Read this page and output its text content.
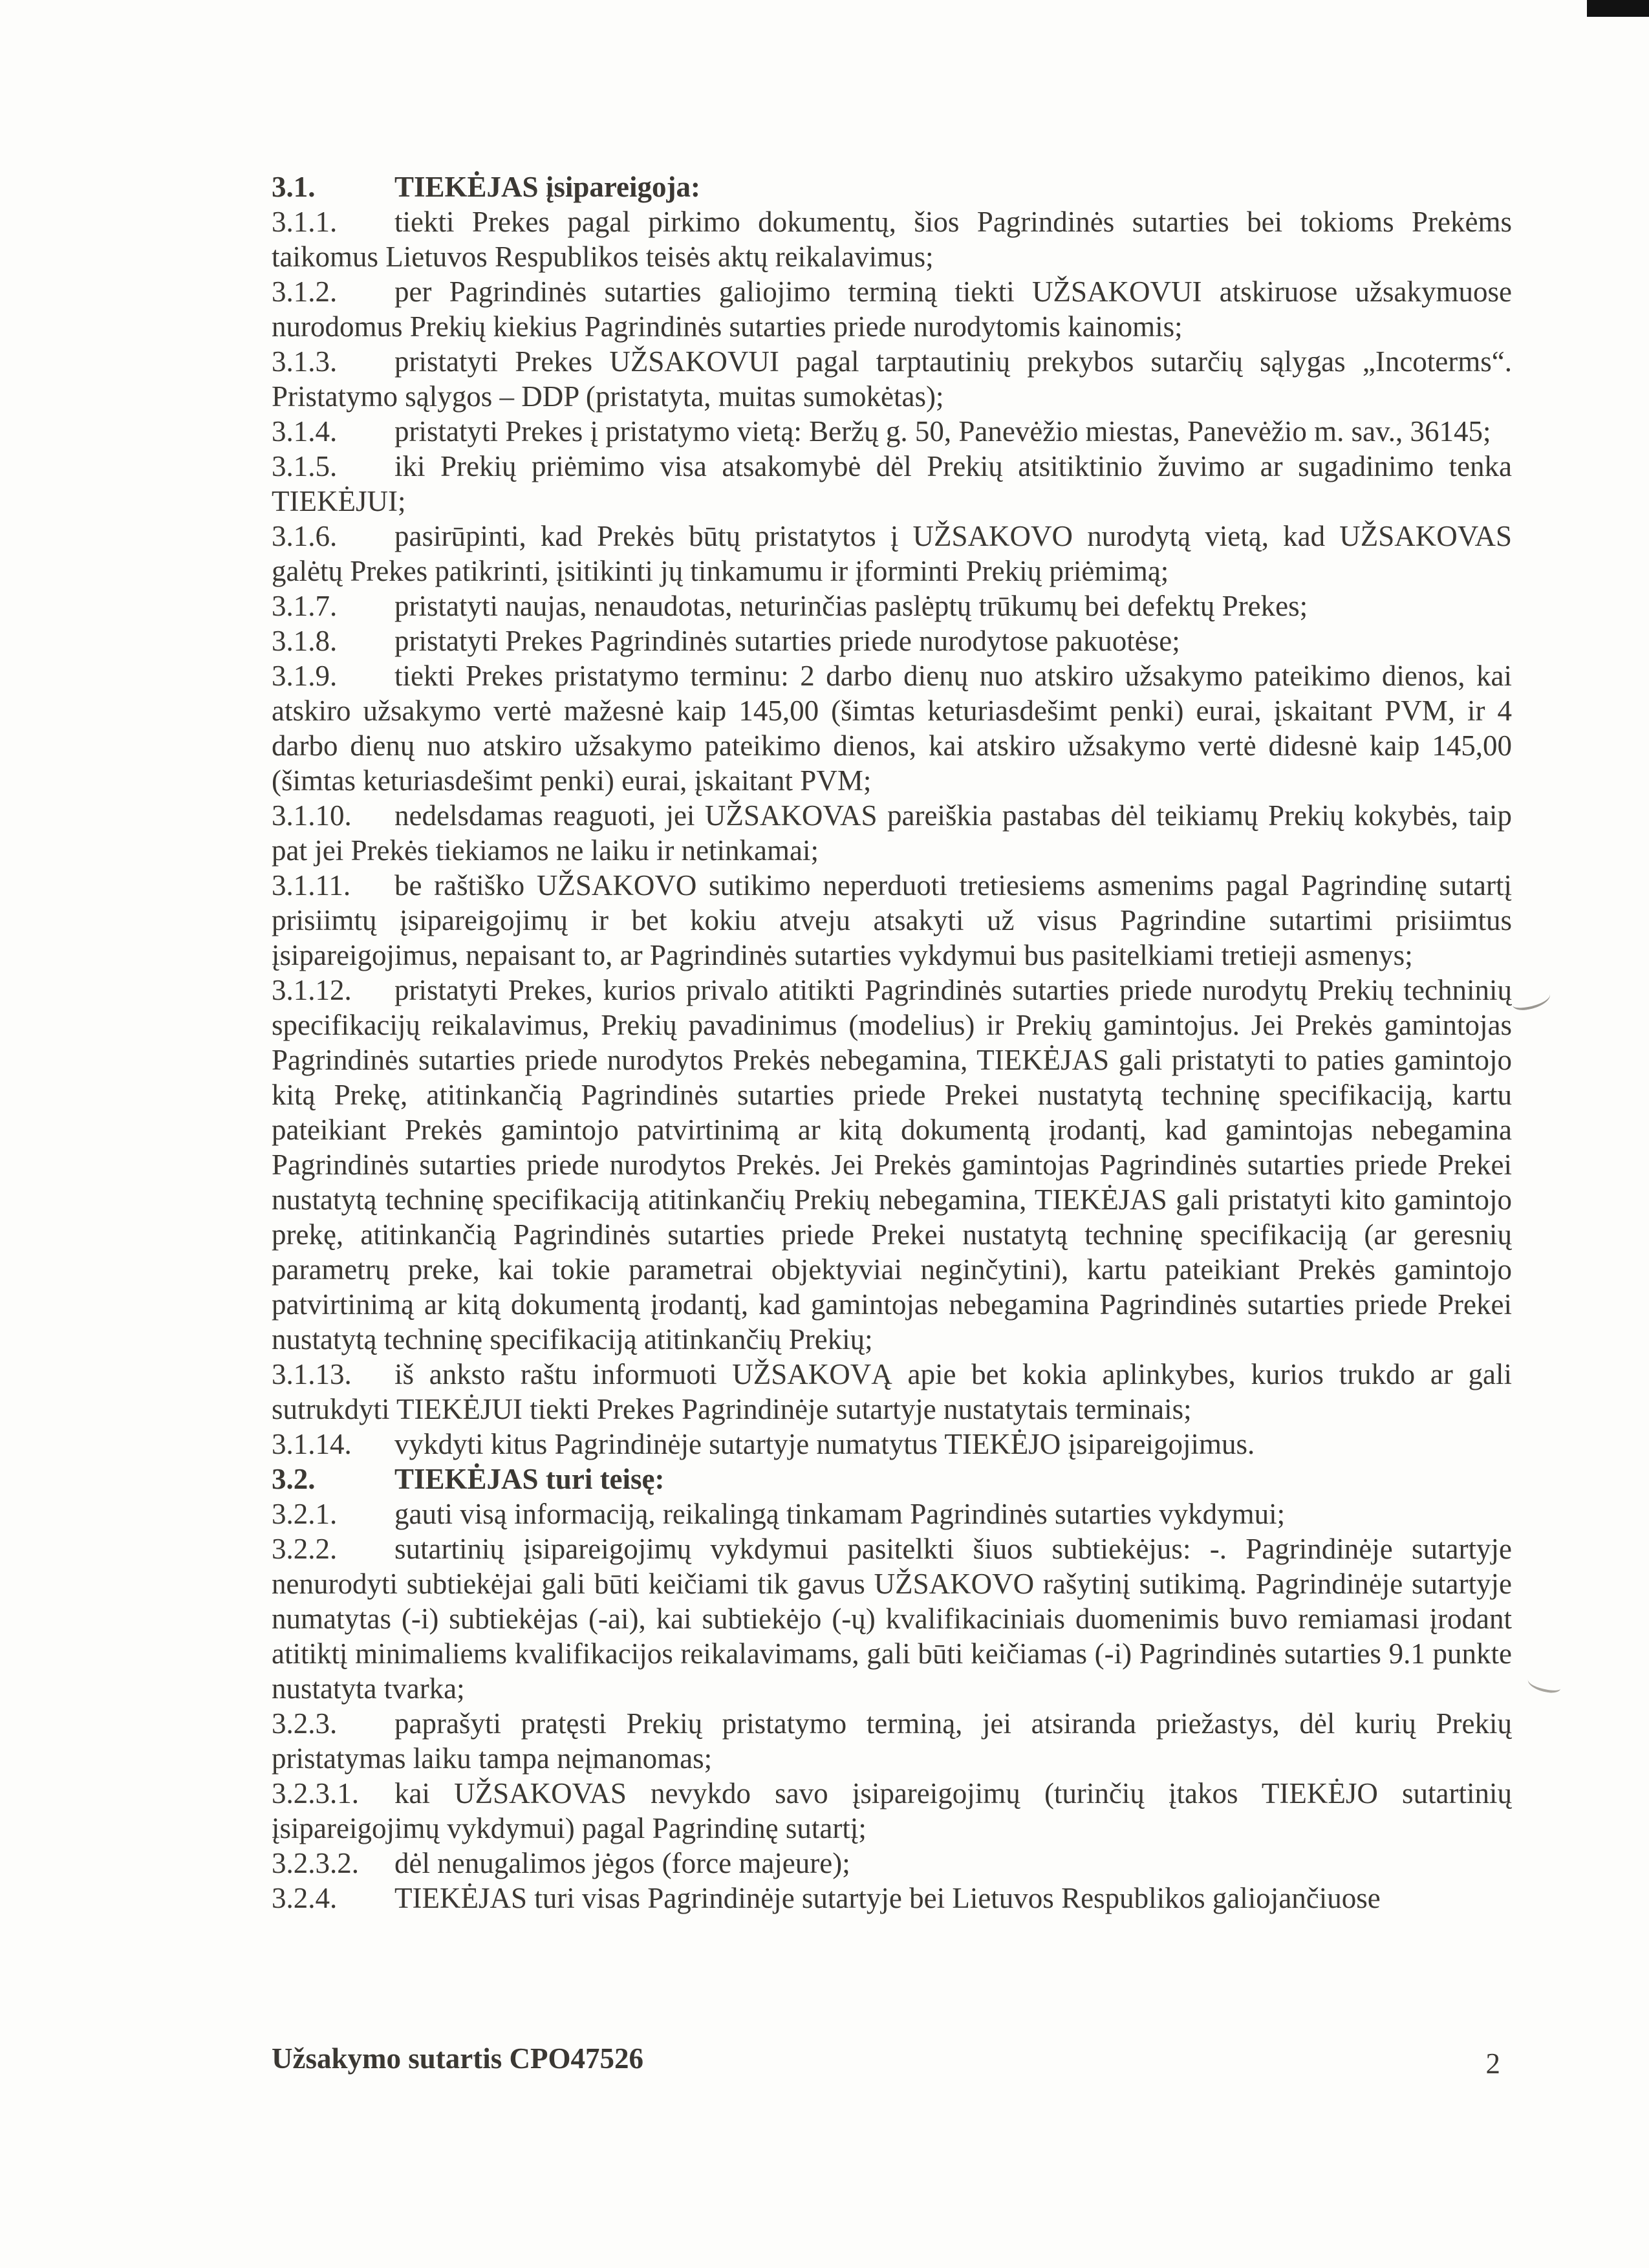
3.1.	TIEKĖJAS įsipareigoja:

3.1.1. tiekti Prekes pagal pirkimo dokumentų, šios Pagrindinės sutarties bei tokioms Prekėms taikomus Lietuvos Respublikos teisės aktų reikalavimus;

3.1.2. per Pagrindinės sutarties galiojimo terminą tiekti UŽSAKOVUI atskiruose užsakymuose nurodomus Prekių kiekius Pagrindinės sutarties priede nurodytomis kainomis;

3.1.3. pristatyti Prekes UŽSAKOVUI pagal tarptautinių prekybos sutarčių sąlygas „Incoterms“. Pristatymo sąlygos – DDP (pristatyta, muitas sumokėtas);

3.1.4. pristatyti Prekes į pristatymo vietą: Beržų g. 50, Panevėžio miestas, Panevėžio m. sav., 36145;

3.1.5. iki Prekių priėmimo visa atsakomybė dėl Prekių atsitiktinio žuvimo ar sugadinimo tenka TIEKĖJUI;

3.1.6. pasirūpinti, kad Prekės būtų pristatytos į UŽSAKOVO nurodytą vietą, kad UŽSAKOVAS galėtų Prekes patikrinti, įsitikinti jų tinkamumu ir įforminti Prekių priėmimą;

3.1.7. pristatyti naujas, nenaudotas, neturinčias paslėptų trūkumų bei defektų Prekes;

3.1.8. pristatyti Prekes Pagrindinės sutarties priede nurodytose pakuotėse;

3.1.9. tiekti Prekes pristatymo terminu: 2 darbo dienų nuo atskiro užsakymo pateikimo dienos, kai atskiro užsakymo vertė mažesnė kaip 145,00 (šimtas keturiasdešimt penki) eurai, įskaitant PVM, ir 4 darbo dienų nuo atskiro užsakymo pateikimo dienos, kai atskiro užsakymo vertė didesnė kaip 145,00 (šimtas keturiasdešimt penki) eurai, įskaitant PVM;

3.1.10. nedelsdamas reaguoti, jei UŽSAKOVAS pareiškia pastabas dėl teikiamų Prekių kokybės, taip pat jei Prekės tiekiamos ne laiku ir netinkamai;

3.1.11. be raštiško UŽSAKOVO sutikimo neperduoti tretiesiems asmenims pagal Pagrindinę sutartį prisiimtų įsipareigojimų ir bet kokiu atveju atsakyti už visus Pagrindine sutartimi prisiimtus įsipareigojimus, nepaisant to, ar Pagrindinės sutarties vykdymui bus pasitelkiami tretieji asmenys;

3.1.12. pristatyti Prekes, kurios privalo atitikti Pagrindinės sutarties priede nurodytų Prekių techninių specifikacijų reikalavimus, Prekių pavadinimus (modelius) ir Prekių gamintojus. Jei Prekės gamintojas Pagrindinės sutarties priede nurodytos Prekės nebegamina, TIEKĖJAS gali pristatyti to paties gamintojo kitą Prekę, atitinkančią Pagrindinės sutarties priede Prekei nustatytą techninę specifikaciją, kartu pateikiant Prekės gamintojo patvirtinimą ar kitą dokumentą įrodantį, kad gamintojas nebegamina Pagrindinės sutarties priede nurodytos Prekės. Jei Prekės gamintojas Pagrindinės sutarties priede Prekei nustatytą techninę specifikaciją atitinkančių Prekių nebegamina, TIEKĖJAS gali pristatyti kito gamintojo prekę, atitinkančią Pagrindinės sutarties priede Prekei nustatytą techninę specifikaciją (ar geresnių parametrų preke, kai tokie parametrai objektyviai neginčytini), kartu pateikiant Prekės gamintojo patvirtinimą ar kitą dokumentą įrodantį, kad gamintojas nebegamina Pagrindinės sutarties priede Prekei nustatytą techninę specifikaciją atitinkančių Prekių;

3.1.13. iš anksto raštu informuoti UŽSAKOVĄ apie bet kokia aplinkybes, kurios trukdo ar gali sutrukdyti TIEKĖJUI tiekti Prekes Pagrindinėje sutartyje nustatytais terminais;

3.1.14. vykdyti kitus Pagrindinėje sutartyje numatytus TIEKĖJO įsipareigojimus.

3.2.	TIEKĖJAS turi teisę:

3.2.1. gauti visą informaciją, reikalingą tinkamam Pagrindinės sutarties vykdymui;

3.2.2. sutartinių įsipareigojimų vykdymui pasitelkti šiuos subtiekėjus: -. Pagrindinėje sutartyje nenurodyti subtiekėjai gali būti keičiami tik gavus UŽSAKOVO rašytinį sutikimą. Pagrindinėje sutartyje numatytas (-i) subtiekėjas (-ai), kai subtiekėjo (-ų) kvalifikaciniais duomenimis buvo remiamasi įrodant atitiktį minimaliems kvalifikacijos reikalavimams, gali būti keičiamas (-i) Pagrindinės sutarties 9.1 punkte nustatyta tvarka;

3.2.3. paprašyti pratęsti Prekių pristatymo terminą, jei atsiranda priežastys, dėl kurių Prekių pristatymas laiku tampa neįmanomas;

3.2.3.1. kai UŽSAKOVAS nevykdo savo įsipareigojimų (turinčių įtakos TIEKĖJO sutartinių įsipareigojimų vykdymui) pagal Pagrindinę sutartį;

3.2.3.2. dėl nenugalimos jėgos (force majeure);

3.2.4. TIEKĖJAS turi visas Pagrindinėje sutartyje bei Lietuvos Respublikos galiojančiuose

Užsakymo sutartis CPO47526	2
